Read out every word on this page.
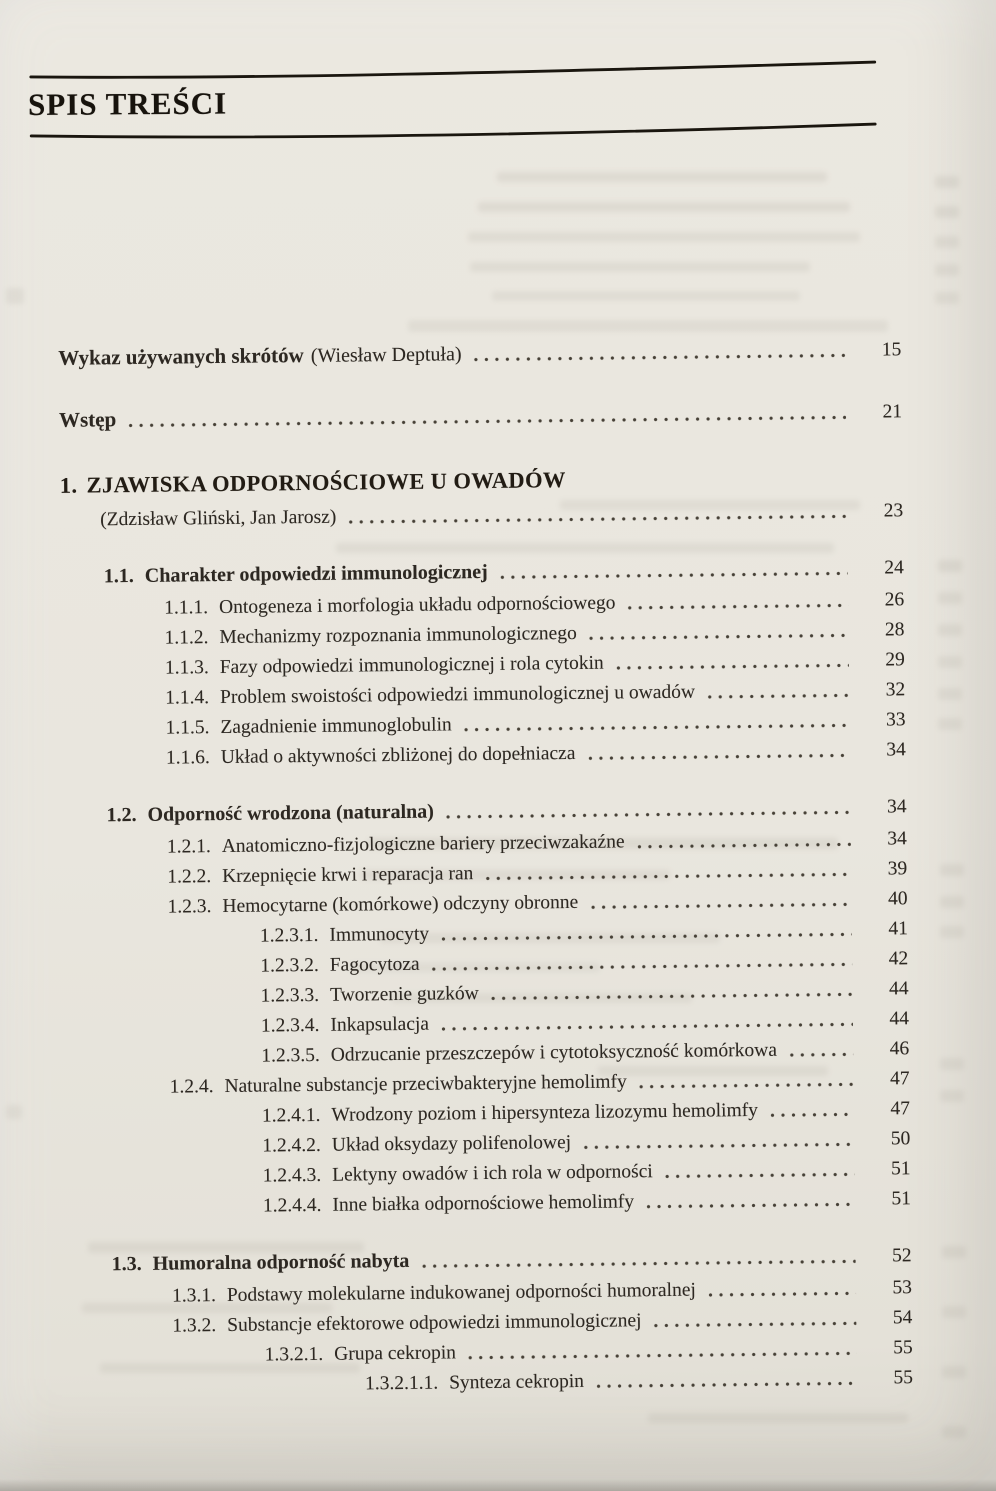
SPIS TREŚCI
Wykaz używanych skrótów (Wiesław Deptuła)	15
Wstęp	21
1. ZJAWISKA ODPORNOŚCIOWE U OWADÓW
(Zdzisław Gliński, Jan Jarosz)	23
1.1. Charakter odpowiedzi immunologicznej	24
1.1.1. Ontogeneza i morfologia układu odpornościowego	26
1.1.2. Mechanizmy rozpoznania immunologicznego	28
1.1.3. Fazy odpowiedzi immunologicznej i rola cytokin	29
1.1.4. Problem swoistości odpowiedzi immunologicznej u owadów	32
1.1.5. Zagadnienie immunoglobulin	33
1.1.6. Układ o aktywności zbliżonej do dopełniacza	34
1.2. Odporność wrodzona (naturalna)	34
1.2.1. Anatomiczno-fizjologiczne bariery przeciwzakaźne	34
1.2.2. Krzepnięcie krwi i reparacja ran	39
1.2.3. Hemocytarne (komórkowe) odczyny obronne	40
1.2.3.1. Immunocyty	41
1.2.3.2. Fagocytoza	42
1.2.3.3. Tworzenie guzków	44
1.2.3.4. Inkapsulacja	44
1.2.3.5. Odrzucanie przeszczepów i cytotoksyczność komórkowa	46
1.2.4. Naturalne substancje przeciwbakteryjne hemolimfy	47
1.2.4.1. Wrodzony poziom i hipersynteza lizozymu hemolimfy	47
1.2.4.2. Układ oksydazy polifenolowej	50
1.2.4.3. Lektyny owadów i ich rola w odporności	51
1.2.4.4. Inne białka odpornościowe hemolimfy	51
1.3. Humoralna odporność nabyta	52
1.3.1. Podstawy molekularne indukowanej odporności humoralnej	53
1.3.2. Substancje efektorowe odpowiedzi immunologicznej	54
1.3.2.1. Grupa cekropin	55
1.3.2.1.1. Synteza cekropin	55
